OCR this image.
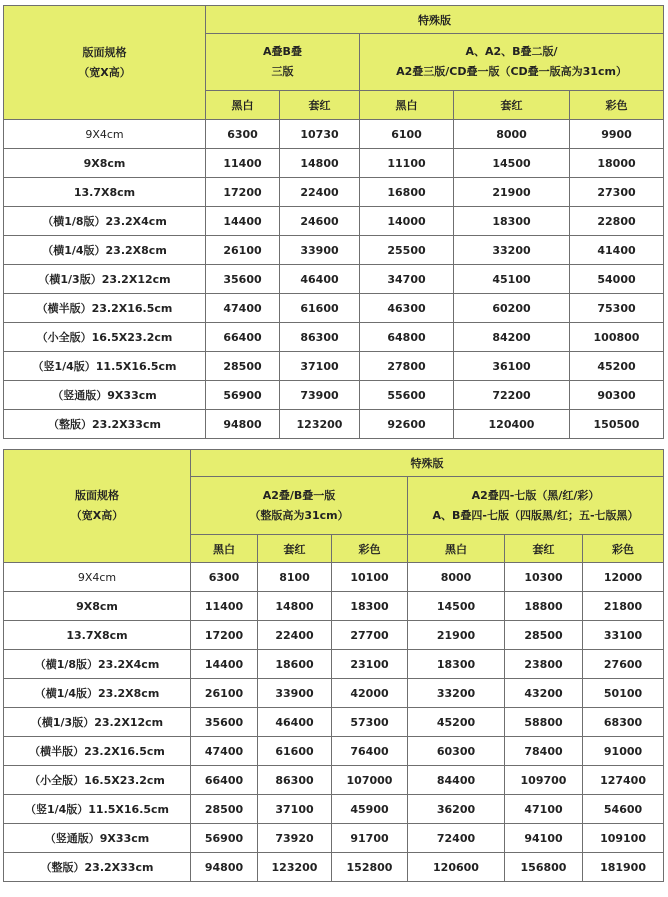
版面规格
（宽X高）	特殊版				

	A叠B叠
三版		A、A2、B叠二版/
A2叠三版/CD叠一版（CD叠一版高为31cm）		

	黑白	套红	黑白	套红	彩色
9X4cm	6300	10730	6100	8000	9900
9X8cm	11400	14800	11100	14500	18000
13.7X8cm	17200	22400	16800	21900	27300
（横1/8版）23.2X4cm	14400	24600	14000	18300	22800
（横1/4版）23.2X8cm	26100	33900	25500	33200	41400
（横1/3版）23.2X12cm	35600	46400	34700	45100	54000
（横半版）23.2X16.5cm	47400	61600	46300	60200	75300
（小全版）16.5X23.2cm	66400	86300	64800	84200	100800
（竖1/4版）11.5X16.5cm	28500	37100	27800	36100	45200
（竖通版）9X33cm	56900	73900	55600	72200	90300
（整版）23.2X33cm	94800	123200	92600	120400	150500
版面规格
（宽X高）	特殊版					

	A2叠/B叠一版
（整版高为31cm）			A2叠四-七版（黑/红/彩）
A、B叠四-七版（四版黑/红；五-七版黑）		

	黑白	套红	彩色	黑白	套红	彩色
9X4cm	6300	8100	10100	8000	10300	12000
9X8cm	11400	14800	18300	14500	18800	21800
13.7X8cm	17200	22400	27700	21900	28500	33100
（横1/8版）23.2X4cm	14400	18600	23100	18300	23800	27600
（横1/4版）23.2X8cm	26100	33900	42000	33200	43200	50100
（横1/3版）23.2X12cm	35600	46400	57300	45200	58800	68300
（横半版）23.2X16.5cm	47400	61600	76400	60300	78400	91000
（小全版）16.5X23.2cm	66400	86300	107000	84400	109700	127400
（竖1/4版）11.5X16.5cm	28500	37100	45900	36200	47100	54600
（竖通版）9X33cm	56900	73920	91700	72400	94100	109100
（整版）23.2X33cm	94800	123200	152800	120600	156800	181900
